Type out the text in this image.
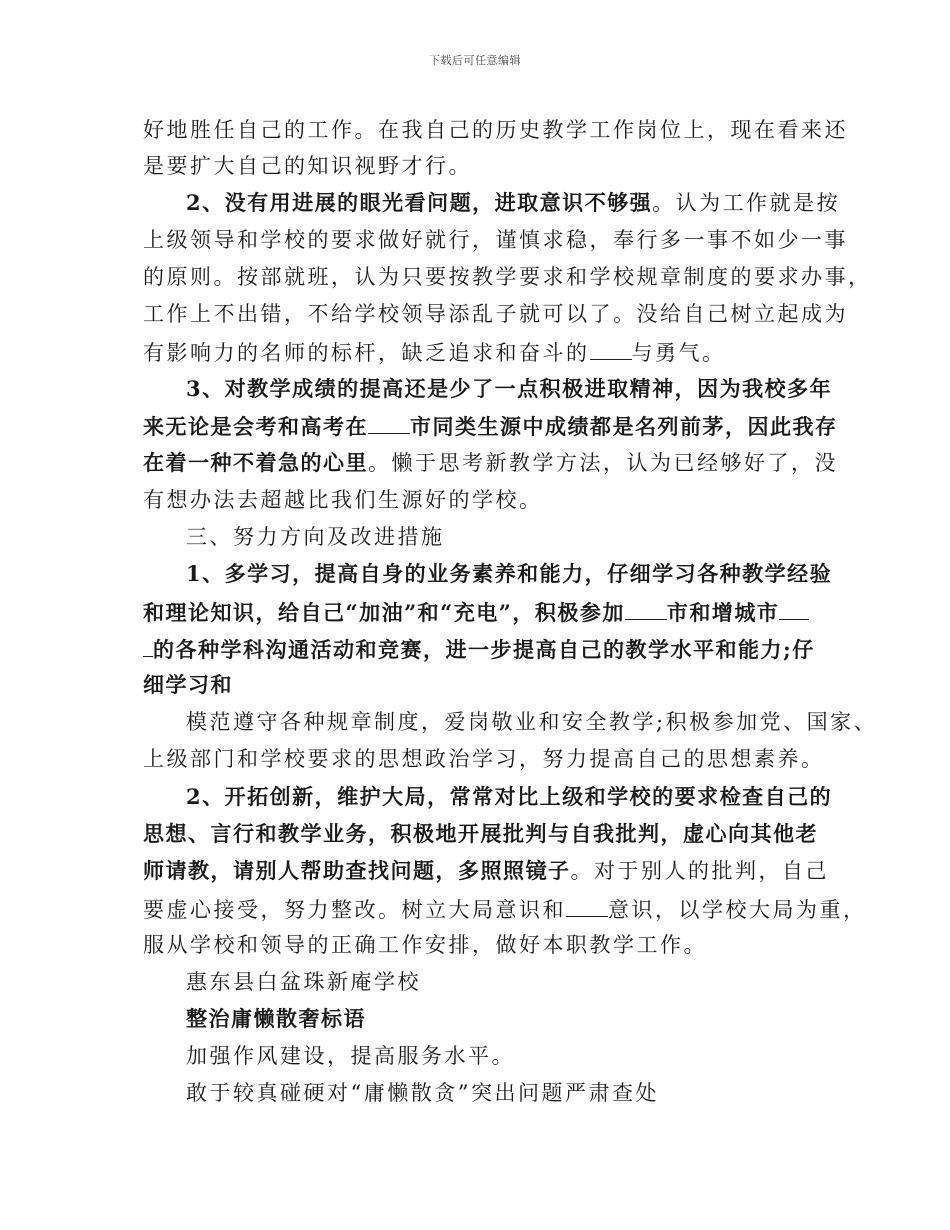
下载后可任意编辑
好地胜任自己的工作。在我自己的历史教学工作岗位上，现在看来还
是要扩大自己的知识视野才行。
2、没有用进展的眼光看问题，进取意识不够强。认为工作就是按
上级领导和学校的要求做好就行，谨慎求稳，奉行多一事不如少一事
的原则。按部就班，认为只要按教学要求和学校规章制度的要求办事，
工作上不出错，不给学校领导添乱子就可以了。没给自己树立起成为
有影响力的名师的标杆，缺乏追求和奋斗的 与勇气。
3、对教学成绩的提高还是少了一点积极进取精神，因为我校多年
来无论是会考和高考在 市同类生源中成绩都是名列前茅，因此我存
在着一种不着急的心里。懒于思考新教学方法，认为已经够好了，没
有想办法去超越比我们生源好的学校。
三、努力方向及改进措施
1、多学习，提高自身的业务素养和能力，仔细学习各种教学经验
和理论知识，给自己“加油”和“充电”，积极参加 市和增城市
的各种学科沟通活动和竞赛，进一步提高自己的教学水平和能力;仔
细学习和
模范遵守各种规章制度，爱岗敬业和安全教学;积极参加党、国家、
上级部门和学校要求的思想政治学习，努力提高自己的思想素养。
2、开拓创新，维护大局，常常对比上级和学校的要求检查自己的
思想、言行和教学业务，积极地开展批判与自我批判，虚心向其他老
师请教，请别人帮助查找问题，多照照镜子。对于别人的批判，自己
要虚心接受，努力整改。树立大局意识和 意识，以学校大局为重，
服从学校和领导的正确工作安排，做好本职教学工作。
惠东县白盆珠新庵学校
整治庸懒散奢标语
加强作风建设，提高服务水平。
敢于较真碰硬对“庸懒散贪”突出问题严肃查处
